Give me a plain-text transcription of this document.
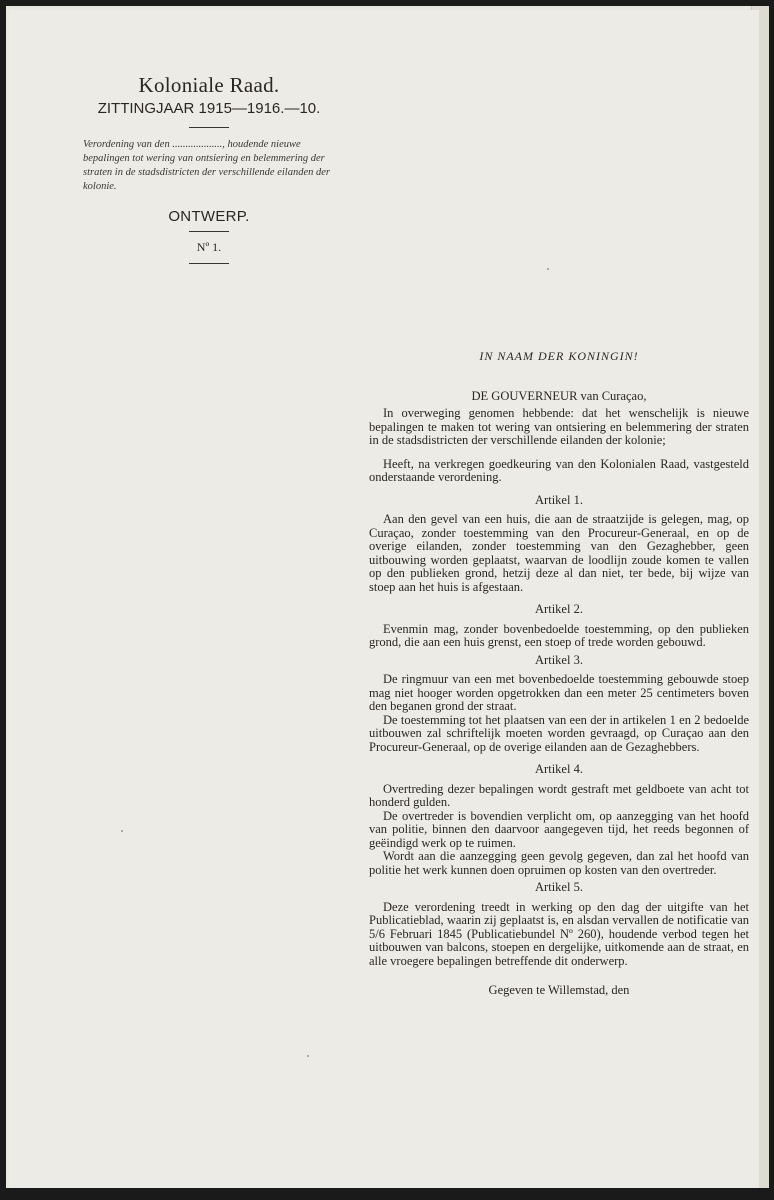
Koloniale Raad.

ZITTINGJAAR 1915—1916.—10.

Verordening van den ..................., houdende nieuwe bepalingen tot wering van ontsiering en belemmering der straten in de stadsdistricten der verschillende eilanden der kolonie.

ONTWERP.

Nº 1.

IN NAAM DER KONINGIN!

DE GOUVERNEUR van Curaçao,

In overweging genomen hebbende: dat het wenschelijk is nieuwe bepalingen te maken tot wering van ontsiering en belemmering der straten in de stadsdistricten der verschillende eilanden der kolonie;

Heeft, na verkregen goedkeuring van den Kolonialen Raad, vastgesteld onderstaande verordening.

Artikel 1.

Aan den gevel van een huis, die aan de straatzijde is gelegen, mag, op Curaçao, zonder toestemming van den Procureur-Generaal, en op de overige eilanden, zonder toestemming van den Gezaghebber, geen uitbouwing worden geplaatst, waarvan de loodlijn zoude komen te vallen op den publieken grond, hetzij deze al dan niet, ter bede, bij wijze van stoep aan het huis is afgestaan.

Artikel 2.

Evenmin mag, zonder bovenbedoelde toestemming, op den publieken grond, die aan een huis grenst, een stoep of trede worden gebouwd.

Artikel 3.

De ringmuur van een met bovenbedoelde toestemming gebouwde stoep mag niet hooger worden opgetrokken dan een meter 25 centimeters boven den beganen grond der straat.

De toestemming tot het plaatsen van een der in artikelen 1 en 2 bedoelde uitbouwen zal schriftelijk moeten worden gevraagd, op Curaçao aan den Procureur-Generaal, op de overige eilanden aan de Gezaghebbers.

Artikel 4.

Overtreding dezer bepalingen wordt gestraft met geldboete van acht tot honderd gulden.

De overtreder is bovendien verplicht om, op aanzegging van het hoofd van politie, binnen den daarvoor aangegeven tijd, het reeds begonnen of geëindigd werk op te ruimen.

Wordt aan die aanzegging geen gevolg gegeven, dan zal het hoofd van politie het werk kunnen doen opruimen op kosten van den overtreder.

Artikel 5.

Deze verordening treedt in werking op den dag der uitgifte van het Publicatieblad, waarin zij geplaatst is, en alsdan vervallen de notificatie van 5/6 Februari 1845 (Publicatiebundel Nº 260), houdende verbod tegen het uitbouwen van balcons, stoepen en dergelijke, uitkomende aan de straat, en alle vroegere bepalingen betreffende dit onderwerp.

Gegeven te Willemstad, den
